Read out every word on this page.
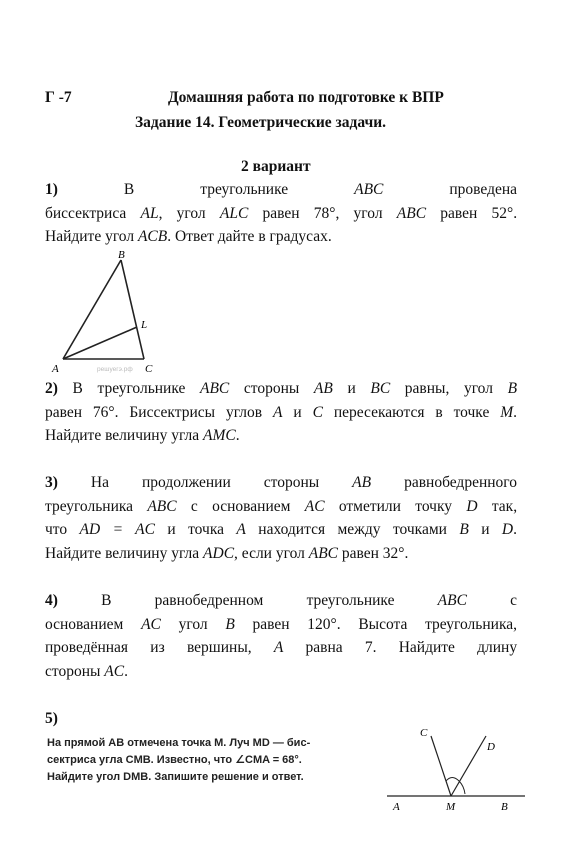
Г -7	Домашняя работа по подготовке к ВПР
Задание 14. Геометрические задачи.
2 вариант
1)	В	треугольнике	ABC	проведена
биссектриса AL, угол ALC равен 78°, угол ABC равен 52°.
Найдите угол ACB. Ответ дайте в градусах.
B
L
A	C
решуегэ.рф
2) В треугольнике ABC стороны AB и BC равны, угол B
равен 76°. Биссектрисы углов A и C пересекаются в точке M.
Найдите величину угла AMC.
3) На продолжении стороны AB равнобедренного
треугольника ABC с основанием AC отметили точку D так,
что AD = AC и точка A находится между точками B и D.
Найдите величину угла ADC, если угол ABC равен 32°.
4)	В	равнобедренном	треугольнике	ABC	с
основанием AC угол B равен 120°. Высота треугольника,
проведённая из вершины, A равна 7. Найдите длину
стороны AC.
5)
На прямой AB отмечена точка M. Луч MD — бис-
сектриса угла CMB. Известно, что ∠CMA = 68°.
Найдите угол DMB. Запишите решение и ответ.
C
D
A	M	B
